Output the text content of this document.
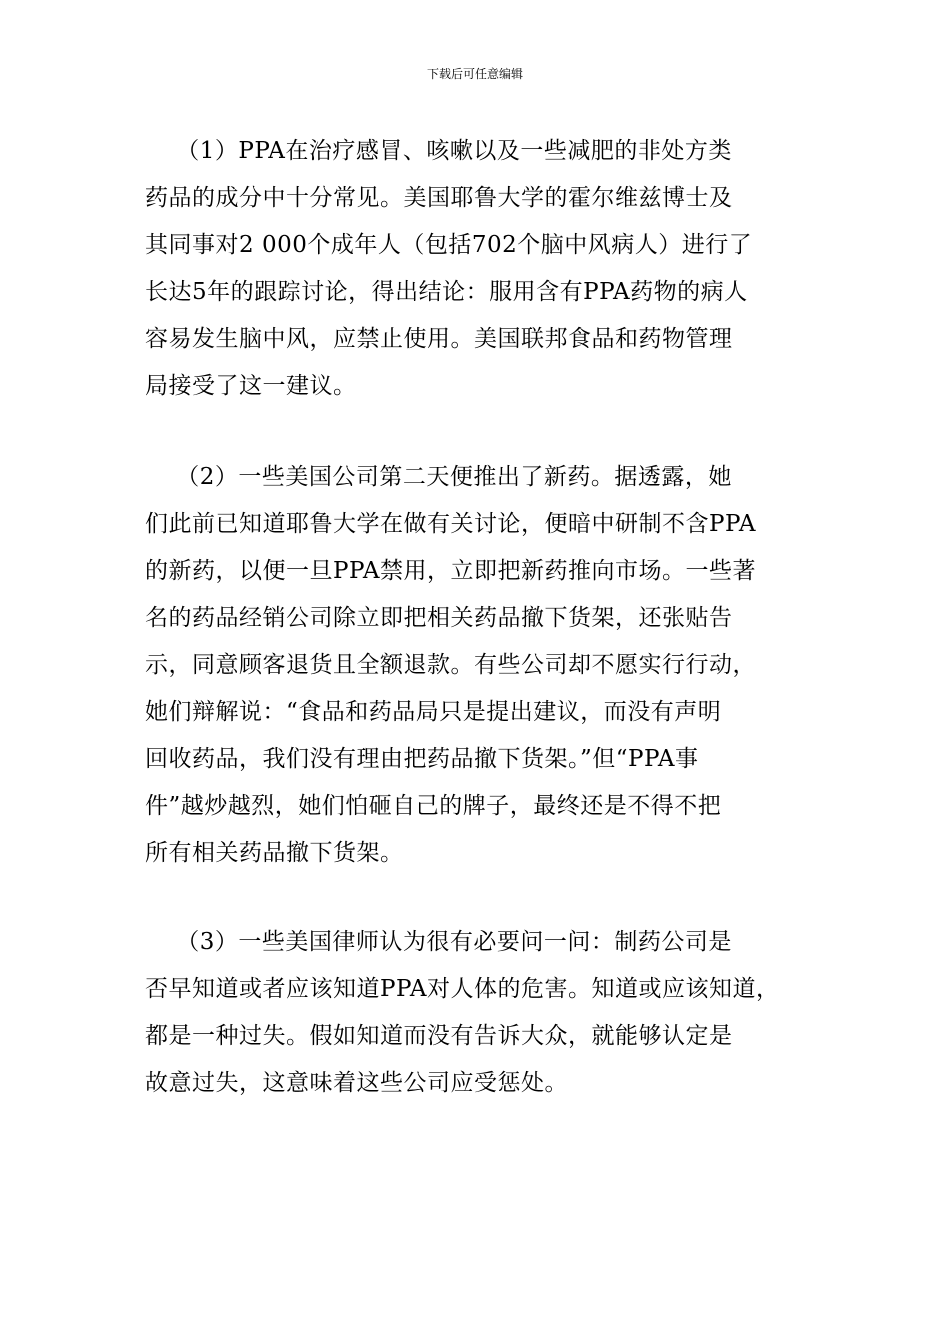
下载后可任意编辑
（1）PPA在治疗感冒、咳嗽以及一些减肥的非处方类
药品的成分中十分常见。美国耶鲁大学的霍尔维兹博士及
其同事对2 000个成年人（包括702个脑中风病人）进行了
长达5年的跟踪讨论，得出结论：服用含有PPA药物的病人
容易发生脑中风，应禁止使用。美国联邦食品和药物管理
局接受了这一建议。
（2）一些美国公司第二天便推出了新药。据透露，她
们此前已知道耶鲁大学在做有关讨论，便暗中研制不含PPA
的新药，以便一旦PPA禁用，立即把新药推向市场。一些著
名的药品经销公司除立即把相关药品撤下货架，还张贴告
示，同意顾客退货且全额退款。有些公司却不愿实行行动，
她们辩解说：“食品和药品局只是提出建议，而没有声明
回收药品，我们没有理由把药品撤下货架。”但“PPA事
件”越炒越烈，她们怕砸自己的牌子，最终还是不得不把
所有相关药品撤下货架。
（3）一些美国律师认为很有必要问一问：制药公司是
否早知道或者应该知道PPA对人体的危害。知道或应该知道，
都是一种过失。假如知道而没有告诉大众，就能够认定是
故意过失，这意味着这些公司应受惩处。
